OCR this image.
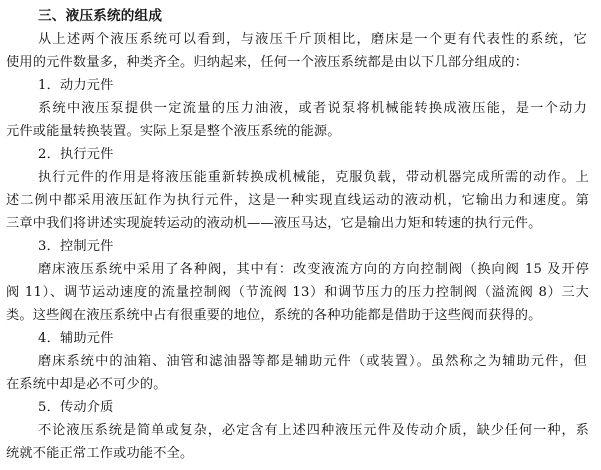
三、液压系统的组成
从上述两个液压系统可以看到，与液压千斤顶相比，磨床是一个更有代表性的系统，它
使用的元件数量多，种类齐全。归纳起来，任何一个液压系统都是由以下几部分组成的：
1．动力元件
系统中液压泵提供一定流量的压力油液，或者说泵将机械能转换成液压能，是一个动力
元件或能量转换装置。实际上泵是整个液压系统的能源。
2．执行元件
执行元件的作用是将液压能重新转换成机械能，克服负载，带动机器完成所需的动作。上
述二例中都采用液压缸作为执行元件，这是一种实现直线运动的液动机，它输出力和速度。第
三章中我们将讲述实现旋转运动的液动机——液压马达，它是输出力矩和转速的执行元件。
3．控制元件
磨床液压系统中采用了各种阀，其中有：改变液流方向的方向控制阀（换向阀 15 及开停
阀 11）、调节运动速度的流量控制阀（节流阀 13）和调节压力的压力控制阀（溢流阀 8）三大
类。这些阀在液压系统中占有很重要的地位，系统的各种功能都是借助于这些阀而获得的。
4．辅助元件
磨床系统中的油箱、油管和滤油器等都是辅助元件（或装置）。虽然称之为辅助元件，但
在系统中却是必不可少的。
5．传动介质
不论液压系统是简单或复杂，必定含有上述四种液压元件及传动介质，缺少任何一种，系
统就不能正常工作或功能不全。
